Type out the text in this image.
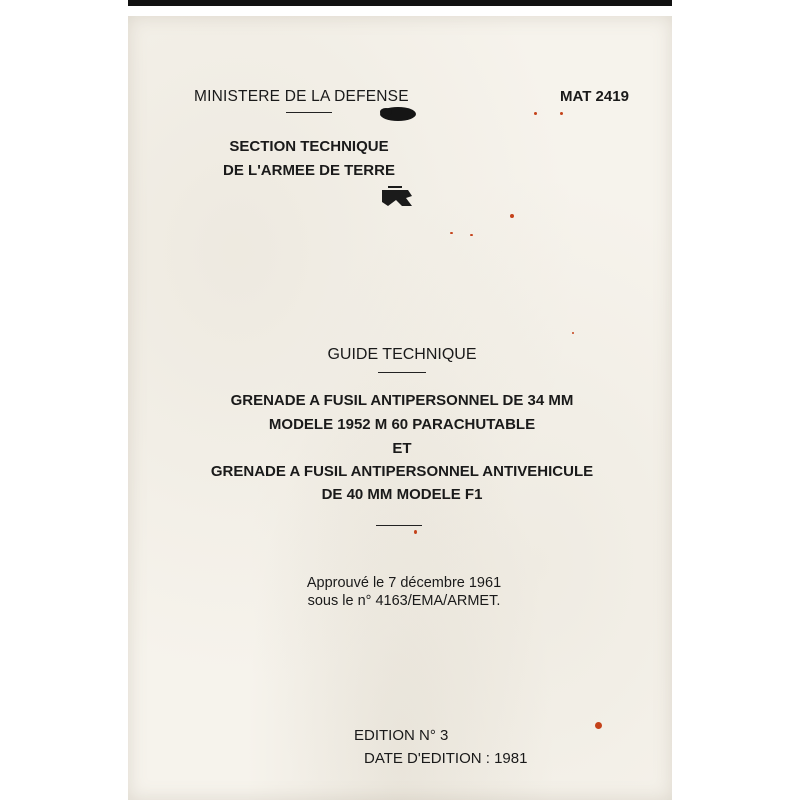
MINISTERE DE LA DEFENSE	MAT 2419
SECTION TECHNIQUE
DE L'ARMEE DE TERRE
GUIDE TECHNIQUE
GRENADE A FUSIL ANTIPERSONNEL DE 34 MM
MODELE 1952 M 60 PARACHUTABLE
ET
GRENADE A FUSIL ANTIPERSONNEL ANTIVEHICULE
DE 40 MM MODELE F1
Approuvé le 7 décembre 1961
sous le n° 4163/EMA/ARMET.
EDITION N° 3
DATE D'EDITION : 1981
